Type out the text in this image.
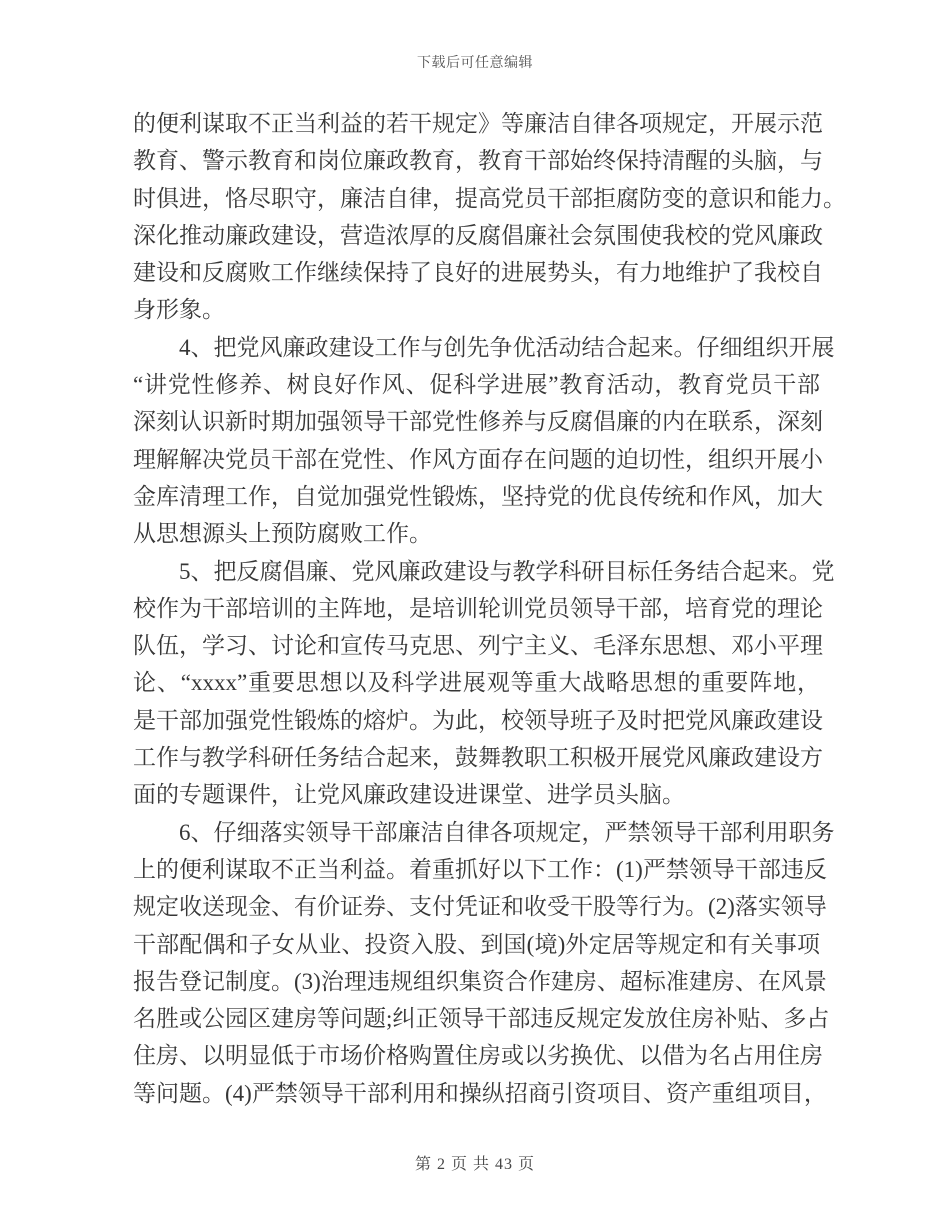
下载后可任意编辑
的便利谋取不正当利益的若干规定》等廉洁自律各项规定，开展示范
教育、警示教育和岗位廉政教育，教育干部始终保持清醒的头脑，与
时俱进，恪尽职守，廉洁自律，提高党员干部拒腐防变的意识和能力。
深化推动廉政建设，营造浓厚的反腐倡廉社会氛围使我校的党风廉政
建设和反腐败工作继续保持了良好的进展势头，有力地维护了我校自
身形象。
4、把党风廉政建设工作与创先争优活动结合起来。仔细组织开展
“讲党性修养、树良好作风、促科学进展”教育活动，教育党员干部
深刻认识新时期加强领导干部党性修养与反腐倡廉的内在联系，深刻
理解解决党员干部在党性、作风方面存在问题的迫切性，组织开展小
金库清理工作，自觉加强党性锻炼，坚持党的优良传统和作风，加大
从思想源头上预防腐败工作。
5、把反腐倡廉、党风廉政建设与教学科研目标任务结合起来。党
校作为干部培训的主阵地，是培训轮训党员领导干部，培育党的理论
队伍，学习、讨论和宣传马克思、列宁主义、毛泽东思想、邓小平理
论、“xxxx”重要思想以及科学进展观等重大战略思想的重要阵地，
是干部加强党性锻炼的熔炉。为此，校领导班子及时把党风廉政建设
工作与教学科研任务结合起来，鼓舞教职工积极开展党风廉政建设方
面的专题课件，让党风廉政建设进课堂、进学员头脑。
6、仔细落实领导干部廉洁自律各项规定，严禁领导干部利用职务
上的便利谋取不正当利益。着重抓好以下工作：(1)严禁领导干部违反
规定收送现金、有价证券、支付凭证和收受干股等行为。(2)落实领导
干部配偶和子女从业、投资入股、到国(境)外定居等规定和有关事项
报告登记制度。(3)治理违规组织集资合作建房、超标准建房、在风景
名胜或公园区建房等问题;纠正领导干部违反规定发放住房补贴、多占
住房、以明显低于市场价格购置住房或以劣换优、以借为名占用住房
等问题。(4)严禁领导干部利用和操纵招商引资项目、资产重组项目，
第 2 页 共 43 页
